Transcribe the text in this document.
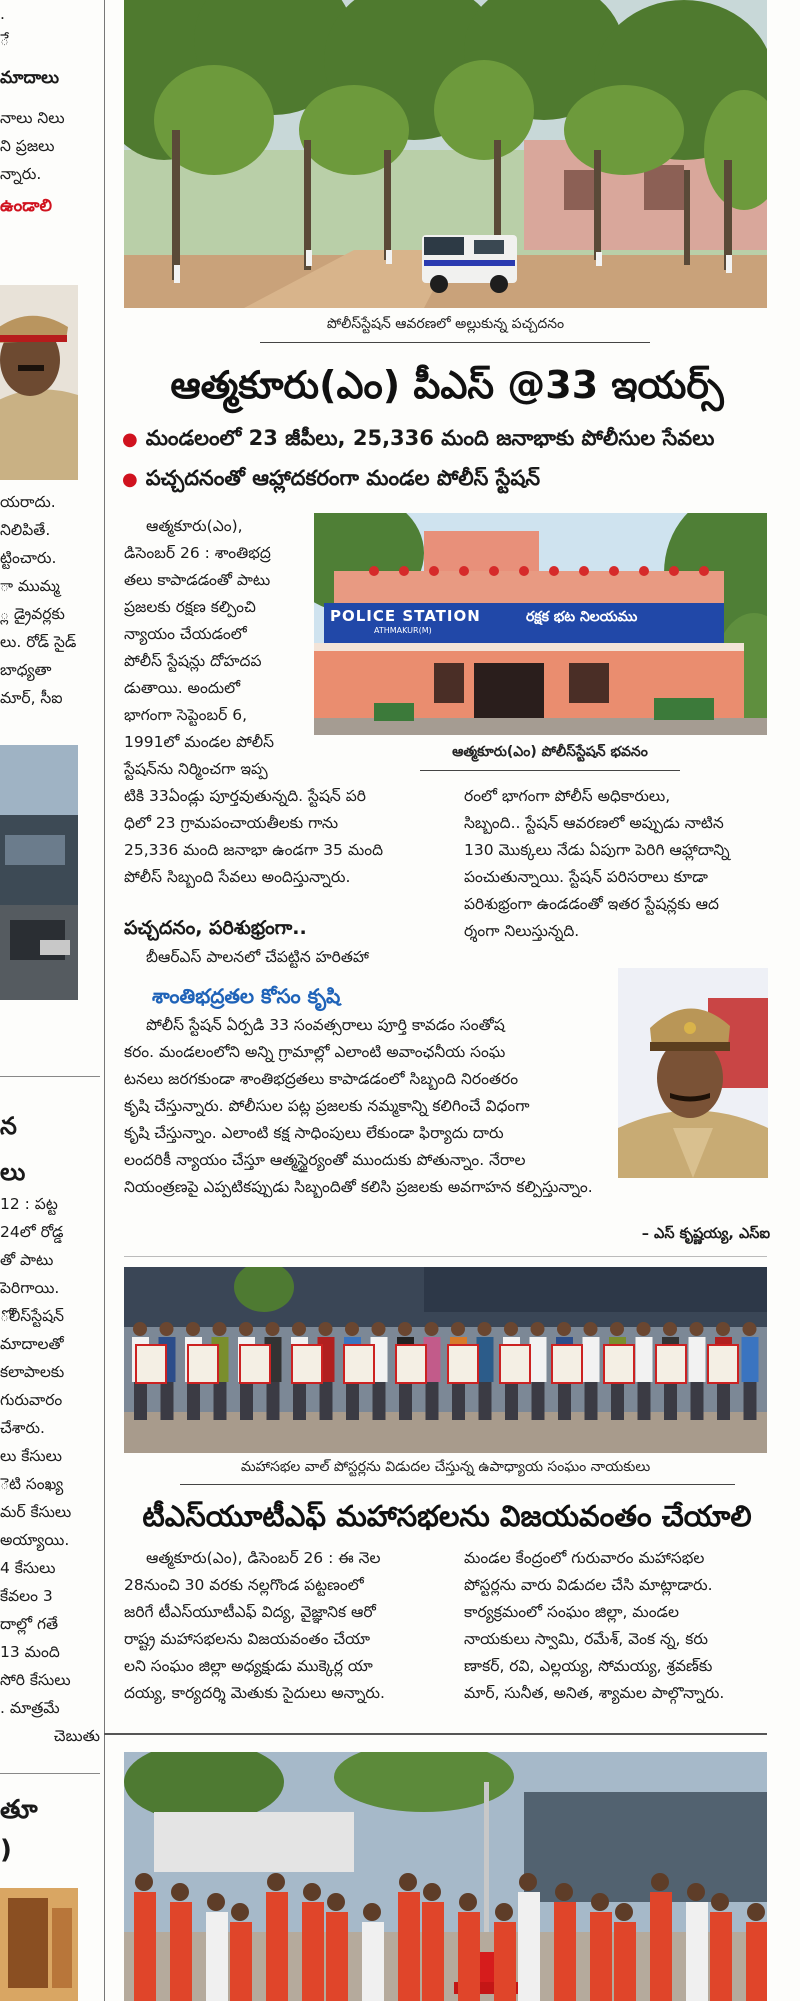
.
ే
మాదాలు
నాలు నిలు
ని ప్రజలు
న్నారు.
ఉండాలి
యరాదు.
నిలిపితే.
ట్టించారు.
ా ముమ్మ
్ల డ్రైవర్లకు
లు. రోడ్ సైడ్
బాధ్యతా
మార్, సీఐ
న
లు
12 : పట్ట
24లో రోడ్డ
తో పాటు
పెరిగాయి.
ోలీస్‌స్టేషన్
మాదాలతో
కలాపాలకు
గురువారం
చేశారు.
లు కేసులు
ెటి సంఖ్య
మర్ కేసులు
అయ్యాయి.
4 కేసులు
కేవలం 3
దాల్లో గతే
13 మంది
సోరి కేసులు
. మాత్రమే
చెబుతు
తూ
)
పోలీస్‌స్టేషన్ ఆవరణలో అల్లుకున్న పచ్చదనం
ఆత్మకూరు(ఎం) పీఎస్ @33 ఇయర్స్
● మండలంలో 23 జీపీలు, 25,336 మంది జనాభాకు పోలీసుల సేవలు
● పచ్చదనంతో ఆహ్లాదకరంగా మండల పోలీస్ స్టేషన్
ఆత్మకూరు(ఎం),
డిసెంబర్ 26 : శాంతిభద్ర
తలు కాపాడడంతో పాటు
ప్రజలకు రక్షణ కల్పించి
న్యాయం చేయడంలో
పోలీస్ స్టేషన్లు దోహదప
డుతాయి. అందులో
భాగంగా సెప్టెంబర్ 6,
1991లో మండల పోలీస్
స్టేషన్‌ను నిర్మించగా ఇప్ప
టికి 33ఏండ్లు పూర్తవుతున్నది. స్టేషన్ పరి
ధిలో 23 గ్రామపంచాయతీలకు గాను
25,336 మంది జనాభా ఉండగా 35 మంది
పోలీస్ సిబ్బంది సేవలు అందిస్తున్నారు.
POLICE STATION
ATHMAKUR(M)
రక్షక భట నిలయము
ఆత్మకూరు(ఎం) పోలీస్‌స్టేషన్ భవనం
రంలో భాగంగా పోలీస్ అధికారులు,
సిబ్బంది.. స్టేషన్ ఆవరణలో అప్పుడు నాటిన
130 మొక్కలు నేడు ఏపుగా పెరిగి ఆహ్లాదాన్ని
పంచుతున్నాయి. స్టేషన్ పరిసరాలు కూడా
పరిశుభ్రంగా ఉండడంతో ఇతర స్టేషన్లకు ఆద
ర్శంగా నిలుస్తున్నది.
పచ్చదనం, పరిశుభ్రంగా..
బీఆర్‌ఎస్ పాలనలో చేపట్టిన హరితహా
శాంతిభద్రతల కోసం కృషి
పోలీస్ స్టేషన్ ఏర్పడి 33 సంవత్సరాలు పూర్తి కావడం సంతోష
కరం. మండలంలోని అన్ని గ్రామాల్లో ఎలాంటి అవాంఛనీయ సంఘ
టనలు జరగకుండా శాంతిభద్రతలు కాపాడడంలో సిబ్బంది నిరంతరం
కృషి చేస్తున్నారు. పోలీసుల పట్ల ప్రజలకు నమ్మకాన్ని కలిగించే విధంగా
కృషి చేస్తున్నాం. ఎలాంటి కక్ష సాధింపులు లేకుండా ఫిర్యాదు దారు
లందరికీ న్యాయం చేస్తూ ఆత్మస్థైర్యంతో ముందుకు పోతున్నాం. నేరాల
నియంత్రణపై ఎప్పటికప్పుడు సిబ్బందితో కలిసి ప్రజలకు అవగాహన కల్పిస్తున్నాం.
– ఎస్ కృష్ణయ్య, ఎస్‌ఐ
మహాసభల వాల్ పోస్టర్లను విడుదల చేస్తున్న ఉపాధ్యాయ సంఘం నాయకులు
టీఎస్‌యూటీఎఫ్ మహాసభలను విజయవంతం చేయాలి
ఆత్మకూరు(ఎం), డిసెంబర్ 26 : ఈ నెల
28నుంచి 30 వరకు నల్లగొండ పట్టణంలో
జరిగే టీఎస్‌యూటీఎఫ్ విద్య, వైజ్ఞానిక ఆరో
రాష్ట్ర మహాసభలను విజయవంతం చేయా
లని సంఘం జిల్లా అధ్యక్షుడు ముక్కెర్ల యా
దయ్య, కార్యదర్శి మెతుకు సైదులు అన్నారు.
మండల కేంద్రంలో గురువారం మహాసభల
పోస్టర్లను వారు విడుదల చేసి మాట్లాడారు.
కార్యక్రమంలో సంఘం జిల్లా, మండల
నాయకులు స్వామి, రమేశ్, వెంక న్న, కరు
ణాకర్, రవి, ఎల్లయ్య, సోమయ్య, శ్రవణ్‌కు
మార్, సునీత, అనిత, శ్యామల పాల్గొన్నారు.
